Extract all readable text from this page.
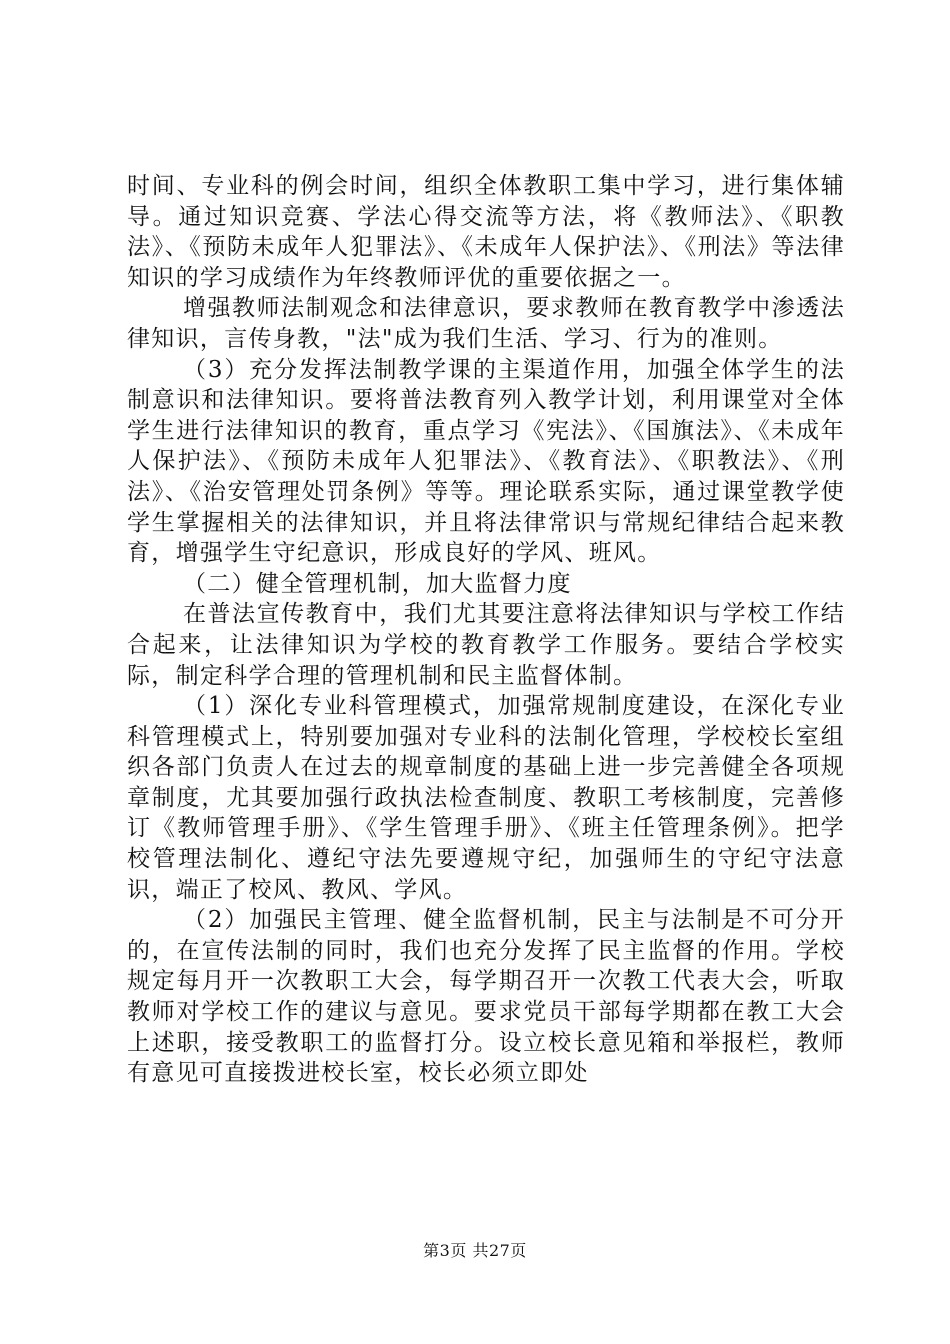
时间、专业科的例会时间，组织全体教职工集中学习，进行集体辅导。通过知识竞赛、学法心得交流等方法，将《教师法》、《职教法》、《预防未成年人犯罪法》、《未成年人保护法》、《刑法》等法律知识的学习成绩作为年终教师评优的重要依据之一。

增强教师法制观念和法律意识，要求教师在教育教学中渗透法律知识，言传身教，"法"成为我们生活、学习、行为的准则。

（3）充分发挥法制教学课的主渠道作用，加强全体学生的法制意识和法律知识。要将普法教育列入教学计划，利用课堂对全体学生进行法律知识的教育，重点学习《宪法》、《国旗法》、《未成年人保护法》、《预防未成年人犯罪法》、《教育法》、《职教法》、《刑法》、《治安管理处罚条例》等等。理论联系实际，通过课堂教学使学生掌握相关的法律知识，并且将法律常识与常规纪律结合起来教育，增强学生守纪意识，形成良好的学风、班风。

（二）健全管理机制，加大监督力度

在普法宣传教育中，我们尤其要注意将法律知识与学校工作结合起来，让法律知识为学校的教育教学工作服务。要结合学校实际，制定科学合理的管理机制和民主监督体制。

（1）深化专业科管理模式，加强常规制度建设，在深化专业科管理模式上，特别要加强对专业科的法制化管理，学校校长室组织各部门负责人在过去的规章制度的基础上进一步完善健全各项规章制度，尤其要加强行政执法检查制度、教职工考核制度，完善修订《教师管理手册》、《学生管理手册》、《班主任管理条例》。把学校管理法制化、遵纪守法先要遵规守纪，加强师生的守纪守法意识，端正了校风、教风、学风。

（2）加强民主管理、健全监督机制，民主与法制是不可分开的，在宣传法制的同时，我们也充分发挥了民主监督的作用。学校规定每月开一次教职工大会，每学期召开一次教工代表大会，听取教师对学校工作的建议与意见。要求党员干部每学期都在教工大会上述职，接受教职工的监督打分。设立校长意见箱和举报栏，教师有意见可直接拨进校长室，校长必须立即处

第3页 共27页
